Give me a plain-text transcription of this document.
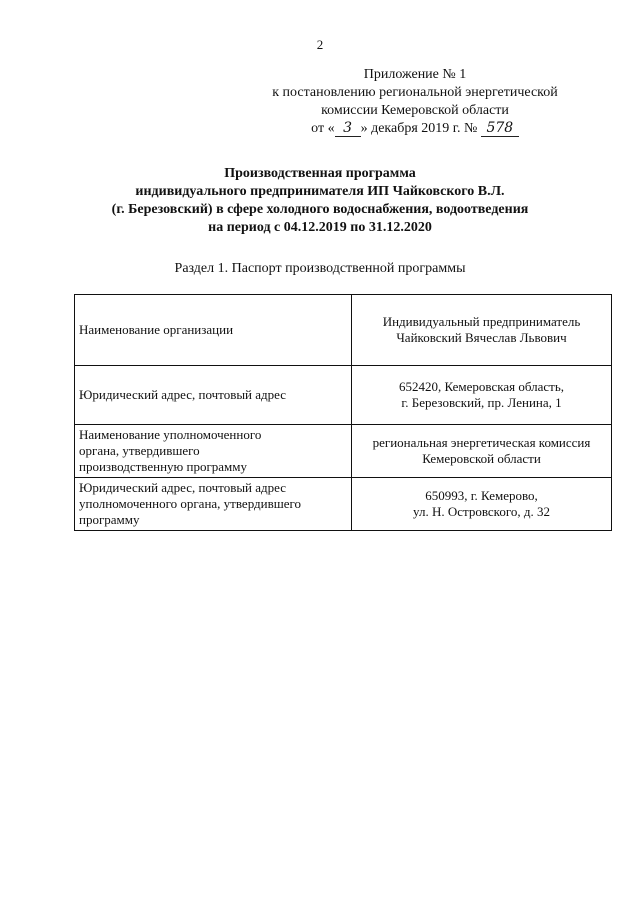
2
Приложение № 1
к постановлению региональной энергетической
комиссии Кемеровской области
от « 3 » декабря 2019 г. № 578
Производственная программа
индивидуального предпринимателя ИП Чайковского В.Л.
(г. Березовский) в сфере холодного водоснабжения, водоотведения
на период с 04.12.2019 по 31.12.2020
Раздел 1. Паспорт производственной программы
Наименование организации	Индивидуальный предприниматель
Чайковский Вячеслав Львович

Юридический адрес, почтовый адрес	652420, Кемеровская область,
г. Березовский, пр. Ленина, 1

Наименование уполномоченного
органа, утвердившего
производственную программу	региональная энергетическая комиссия
Кемеровской области

Юридический адрес, почтовый адрес
уполномоченного органа, утвердившего
программу	650993, г. Кемерово,
ул. Н. Островского, д. 32
